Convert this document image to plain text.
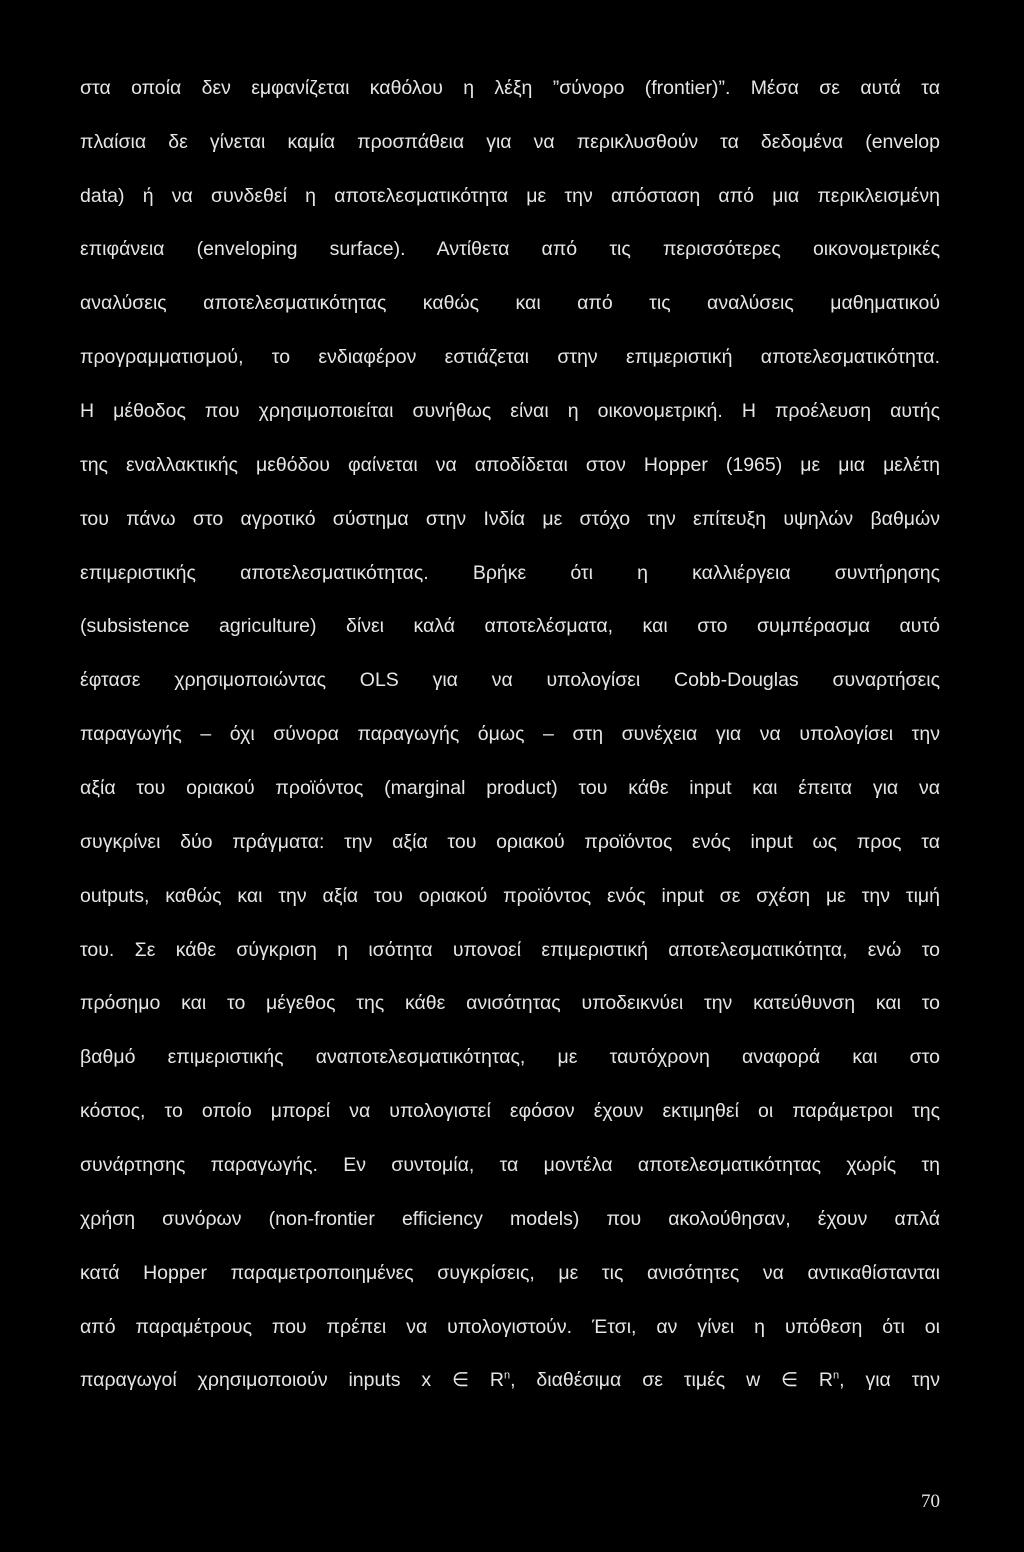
στα οποία δεν εμφανίζεται καθόλου η λέξη ”σύνορο (frontier)”. Μέσα σε αυτά τα
πλαίσια δε γίνεται καμία προσπάθεια για να περικλυσθούν τα δεδομένα (envelop
data) ή να συνδεθεί η αποτελεσματικότητα με την απόσταση από μια περικλεισμένη
επιφάνεια (enveloping surface). Αντίθετα από τις περισσότερες οικονομετρικές
αναλύσεις αποτελεσματικότητας καθώς και από τις αναλύσεις μαθηματικού
προγραμματισμού, το ενδιαφέρον εστιάζεται στην επιμεριστική αποτελεσματικότητα.
Η μέθοδος που χρησιμοποιείται συνήθως είναι η οικονομετρική. Η προέλευση αυτής
της εναλλακτικής μεθόδου φαίνεται να αποδίδεται στον Hopper (1965) με μια μελέτη
του πάνω στο αγροτικό σύστημα στην Ινδία με στόχο την επίτευξη υψηλών βαθμών
επιμεριστικής αποτελεσματικότητας. Βρήκε ότι η καλλιέργεια συντήρησης
(subsistence agriculture) δίνει καλά αποτελέσματα, και στο συμπέρασμα αυτό
έφτασε χρησιμοποιώντας OLS για να υπολογίσει Cobb-Douglas συναρτήσεις
παραγωγής – όχι σύνορα παραγωγής όμως – στη συνέχεια για να υπολογίσει την
αξία του οριακού προϊόντος (marginal product) του κάθε input και έπειτα για να
συγκρίνει δύο πράγματα: την αξία του οριακού προϊόντος ενός input ως προς τα
outputs, καθώς και την αξία του οριακού προϊόντος ενός input σε σχέση με την τιμή
του. Σε κάθε σύγκριση η ισότητα υπονοεί επιμεριστική αποτελεσματικότητα, ενώ το
πρόσημο και το μέγεθος της κάθε ανισότητας υποδεικνύει την κατεύθυνση και το
βαθμό επιμεριστικής αναποτελεσματικότητας, με ταυτόχρονη αναφορά και στο
κόστος, το οποίο μπορεί να υπολογιστεί εφόσον έχουν εκτιμηθεί οι παράμετροι της
συνάρτησης παραγωγής. Εν συντομία, τα μοντέλα αποτελεσματικότητας χωρίς τη
χρήση συνόρων (non-frontier efficiency models) που ακολούθησαν, έχουν απλά
κατά Hopper παραμετροποιημένες συγκρίσεις, με τις ανισότητες να αντικαθίστανται
από παραμέτρους που πρέπει να υπολογιστούν. Έτσι, αν γίνει η υπόθεση ότι οι
παραγωγοί χρησιμοποιούν inputs x ∈ $R^n$, διαθέσιμα σε τιμές w ∈ $R^n$, για την
70
